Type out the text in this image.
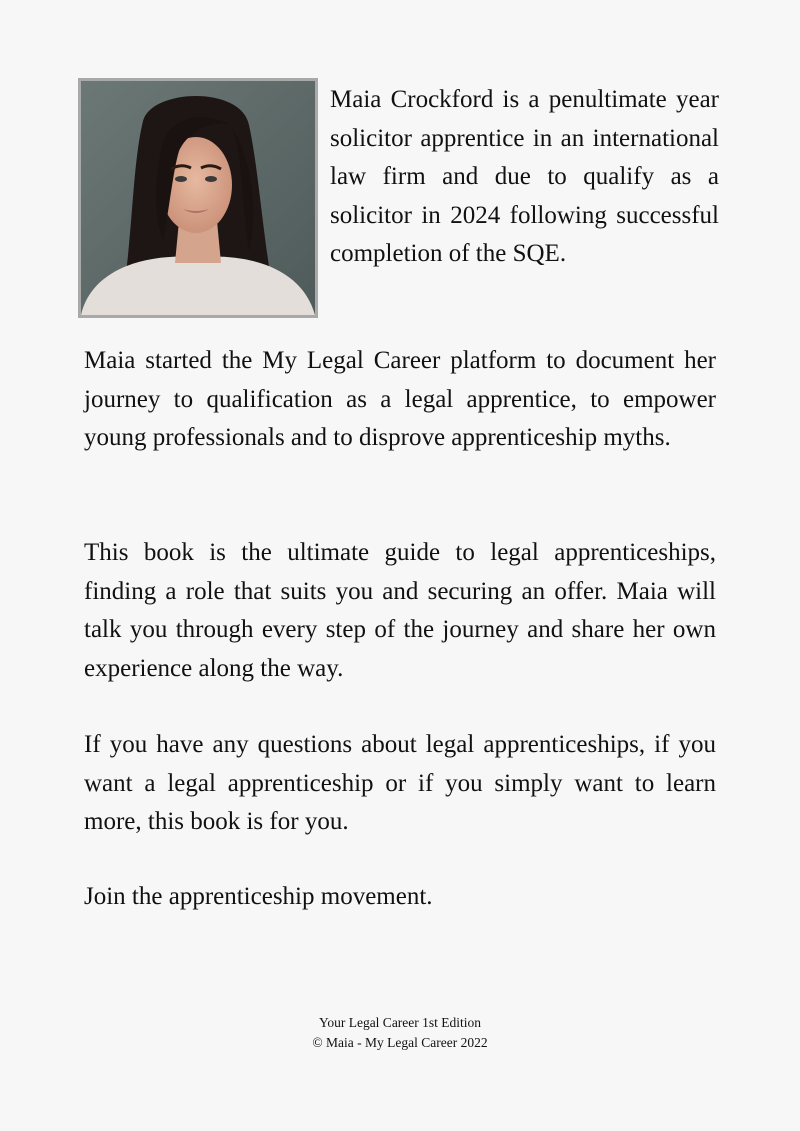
Maia Crockford is a penultimate year solicitor apprentice in an international law firm and due to qualify as a solicitor in 2024 following successful completion of the SQE.

Maia started the My Legal Career platform to document her journey to qualification as a legal apprentice, to empower young professionals and to disprove apprenticeship myths.

This book is the ultimate guide to legal apprenticeships, finding a role that suits you and securing an offer. Maia will talk you through every step of the journey and share her own experience along the way.

If you have any questions about legal apprenticeships, if you want a legal apprenticeship or if you simply want to learn more, this book is for you.

Join the apprenticeship movement.

Your Legal Career 1st Edition
© Maia - My Legal Career 2022
